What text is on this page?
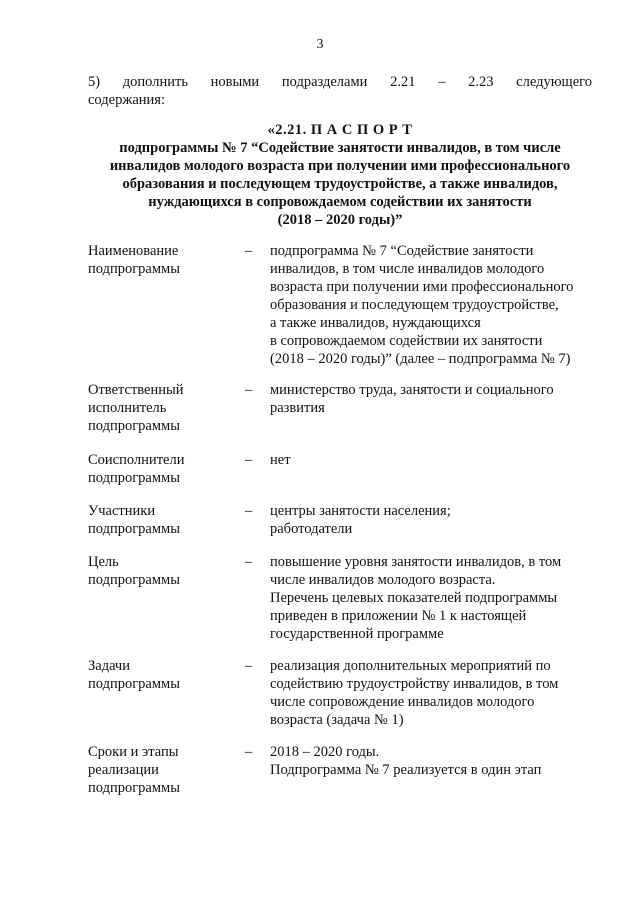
3
5) дополнить новыми подразделами 2.21 – 2.23 следующего
содержания:
«2.21. П А С П О Р Т
подпрограммы № 7 “Содействие занятости инвалидов, в том числе
инвалидов молодого возраста при получении ими профессионального
образования и последующем трудоустройстве, а также инвалидов,
нуждающихся в сопровождаемом содействии их занятости
(2018 – 2020 годы)”
Наименование
подпрограммы
– подпрограмма № 7 “Содействие занятости
инвалидов, в том числе инвалидов молодого
возраста при получении ими профессионального
образования и последующем трудоустройстве,
а также инвалидов, нуждающихся
в сопровождаемом содействии их занятости
(2018 – 2020 годы)” (далее – подпрограмма № 7)
Ответственный
исполнитель
подпрограммы
– министерство труда, занятости и социального
развития
Соисполнители
подпрограммы
– нет
Участники
подпрограммы
– центры занятости населения;
работодатели
Цель
подпрограммы
– повышение уровня занятости инвалидов, в том
числе инвалидов молодого возраста.
Перечень целевых показателей подпрограммы
приведен в приложении № 1 к настоящей
государственной программе
Задачи
подпрограммы
– реализация дополнительных мероприятий по
содействию трудоустройству инвалидов, в том
числе сопровождение инвалидов молодого
возраста (задача № 1)
Сроки и этапы
реализации
подпрограммы
– 2018 – 2020 годы.
Подпрограмма № 7 реализуется в один этап
